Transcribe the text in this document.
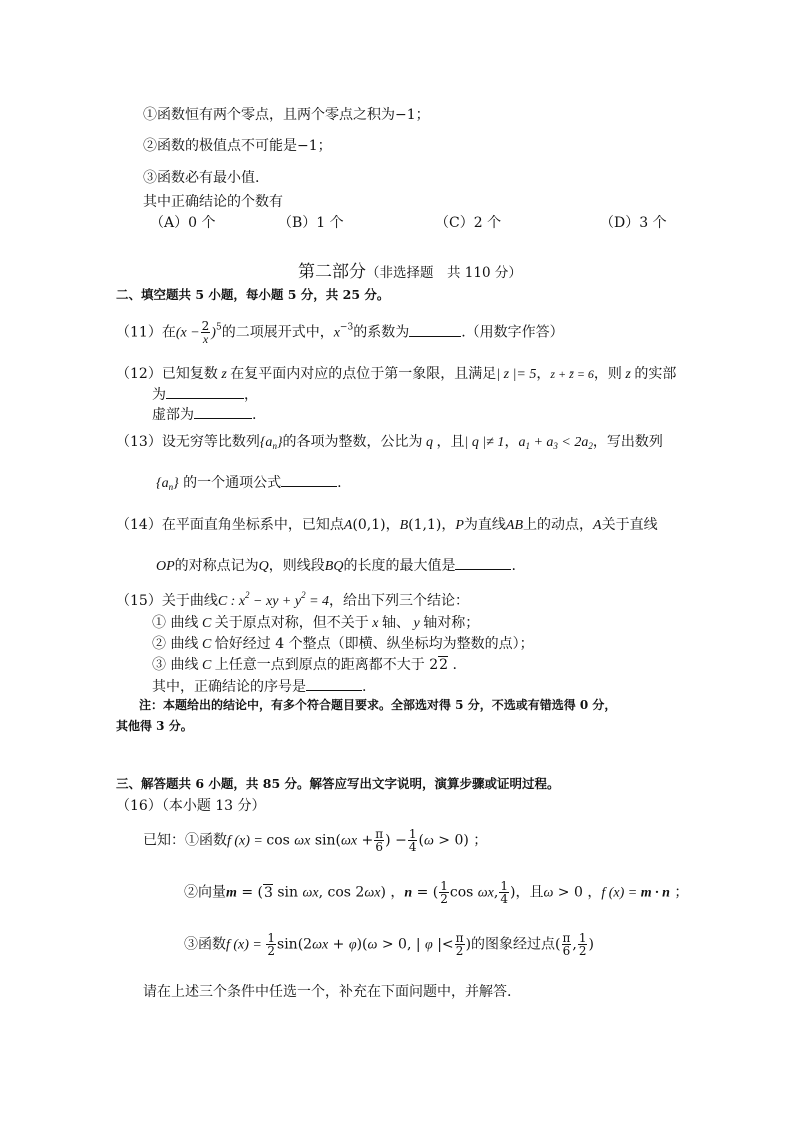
①函数恒有两个零点，且两个零点之积为−1；
②函数的极值点不可能是−1；
③函数必有最小值.
其中正确结论的个数有
（A）0 个	（B）1 个	（C）2 个	（D）3 个
第二部分（非选择题　共 110 分）
二、填空题共 5 小题，每小题 5 分，共 25 分。
（11）在$(x - \frac{2}{x} )^5$的二项展开式中，$x^{-3}$的系数为	.（用数字作答）
（12）已知复数 z 在复平面内对应的点位于第一象限，且满足| z |= 5，z + z̄ = 6，则 z 的实部
为	，
虚部为	.
（13）设无穷等比数列$\{a_n\}$的各项为整数，公比为 q ，且| q |≠ 1，$a_1 + a_3 < 2a_2$，写出数列
$\{a_n\}$ 的一个通项公式	.
（14）在平面直角坐标系中，已知点A(0,1)，B(1,1)，P为直线AB上的动点，A关于直线
OP的对称点记为Q，则线段BQ的长度的最大值是	.
（15）关于曲线C : $x^2$ − xy + $y^2 = 4$，给出下列三个结论：
① 曲线 C 关于原点对称，但不关于 x 轴、 y 轴对称；
② 曲线 C 恰好经过 4 个整点（即横、纵坐标均为整数的点）；
③ 曲线 C 上任意一点到原点的距离都不大于 22 .
其中，正确结论的序号是	.
注：本题给出的结论中，有多个符合题目要求。全部选对得 5 分，不选或有错选得 0 分，
其他得 3 分。
三、解答题共 6 小题，共 85 分。解答应写出文字说明，演算步骤或证明过程。
（16）（本小题 13 分）
已知：①函数f (x) = cos ωx $\sin(\omega x + \frac{\pi}{6}$ ) − $\frac{1}{4} (\omega > 0)$ ；
②向量m = (3 sin ωx, cos 2ωx) ，n = ( $\frac{1}{2}$ cos ωx, $\frac{1}{4}$ )，且ω > 0 ，f (x) = m · n ；
③函数f $(x) = \frac{1}{2} \sin(2\omega x + \varphi)(\omega > 0$, | φ |< $\frac{\pi}{2}$ )的图象经过点( $\frac{\pi}{6}$ , $\frac{1}{2}$ )
请在上述三个条件中任选一个，补充在下面问题中，并解答.
